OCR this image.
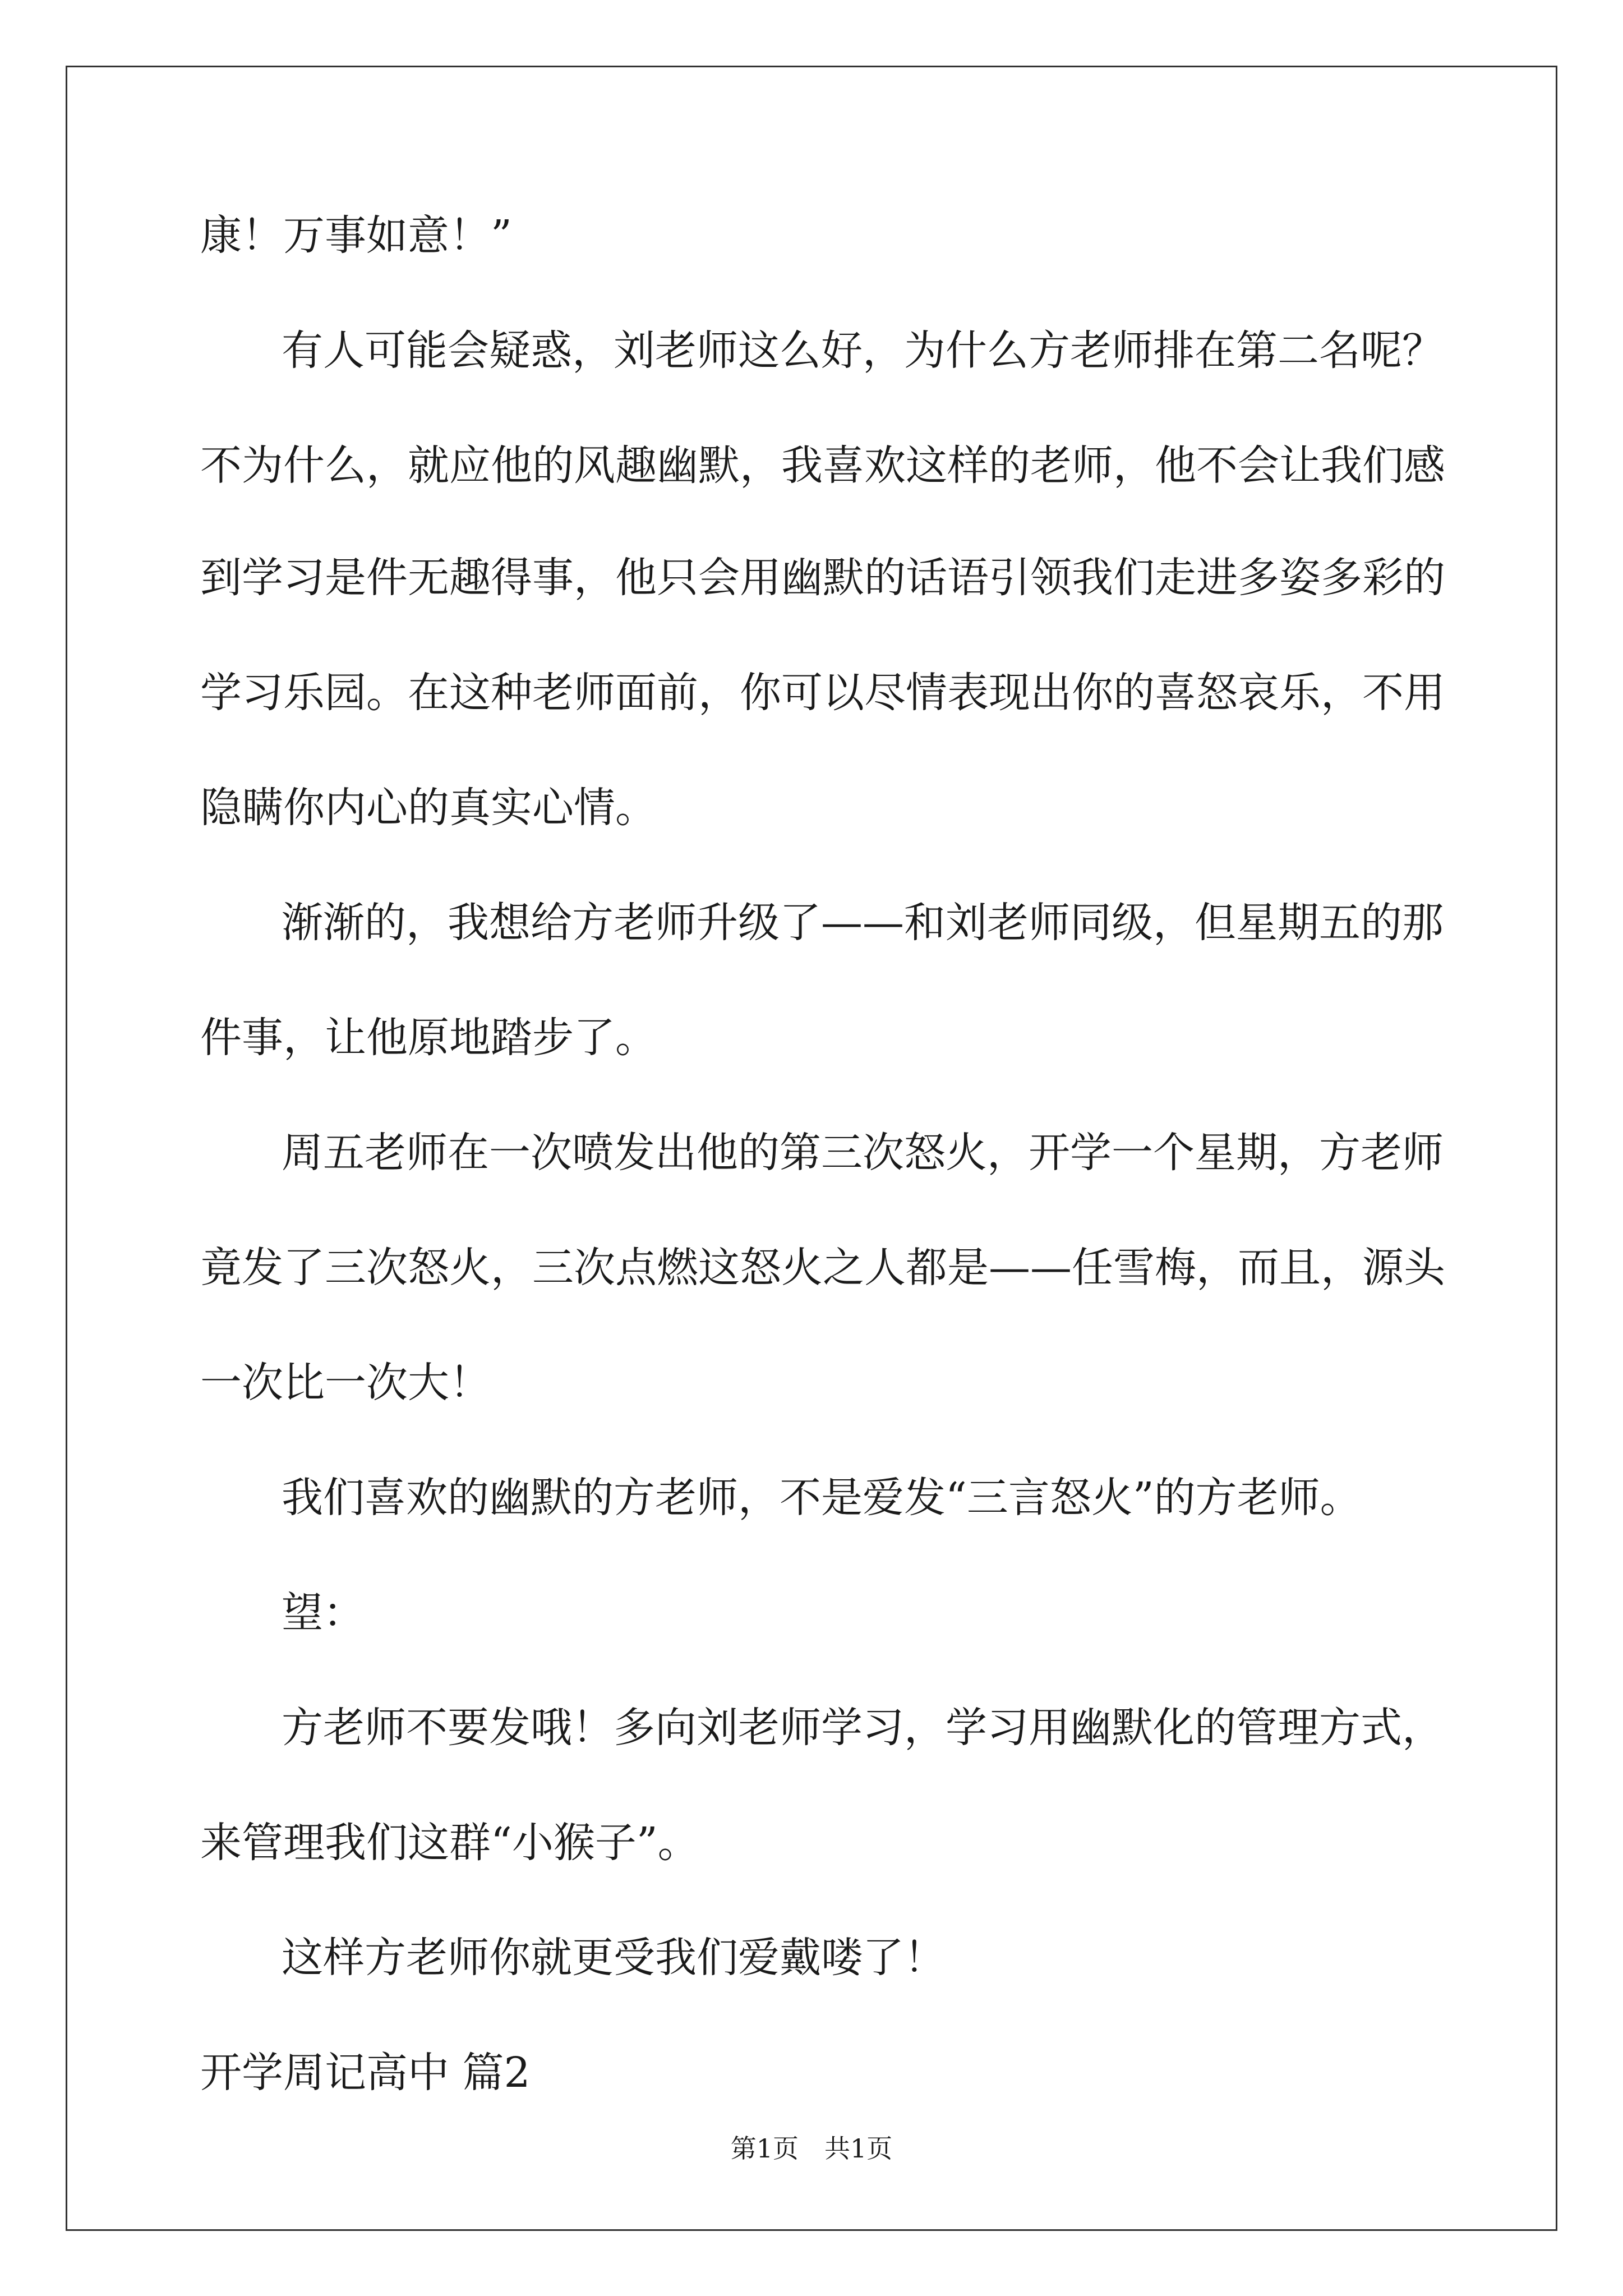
康！万事如意！”
有人可能会疑惑，刘老师这么好，为什么方老师排在第二名呢？
不为什么，就应他的风趣幽默，我喜欢这样的老师，他不会让我们感
到学习是件无趣得事，他只会用幽默的话语引领我们走进多姿多彩的
学习乐园。在这种老师面前，你可以尽情表现出你的喜怒哀乐，不用
隐瞒你内心的真实心情。
渐渐的，我想给方老师升级了——和刘老师同级，但星期五的那
件事，让他原地踏步了。
周五老师在一次喷发出他的第三次怒火，开学一个星期，方老师
竟发了三次怒火，三次点燃这怒火之人都是——任雪梅，而且，源头
一次比一次大！
我们喜欢的幽默的方老师，不是爱发“三言怒火”的方老师。
望：
方老师不要发哦！多向刘老师学习，学习用幽默化的管理方式，
来管理我们这群“小猴子”。
这样方老师你就更受我们爱戴喽了！
开学周记高中 篇2
第1页　共1页
